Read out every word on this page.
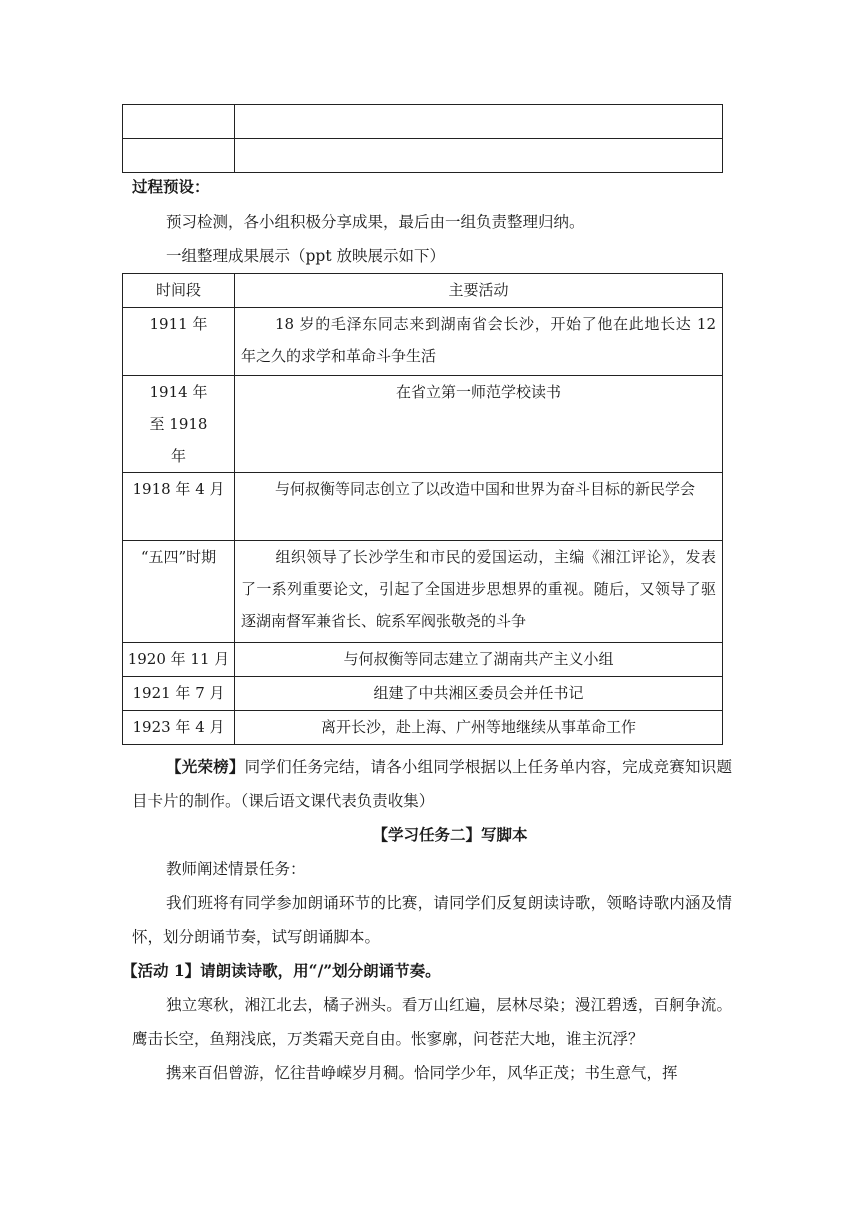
过程预设：
预习检测，各小组积极分享成果，最后由一组负责整理归纳。
一组整理成果展示（ppt 放映展示如下）
时间段	主要活动
1911 年	18 岁的毛泽东同志来到湖南省会长沙，开始了他在此地长达 12 年之久的求学和革命斗争生活

1914 年至 1918 年	在省立第一师范学校读书
1918 年 4 月	与何叔衡等同志创立了以改造中国和世界为奋斗目标的新民学会
“五四”时期	组织领导了长沙学生和市民的爱国运动，主编《湘江评论》，发表了一系列重要论文，引起了全国进步思想界的重视。随后，又领导了驱逐湖南督军兼省长、皖系军阀张敬尧的斗争
1920 年 11 月	与何叔衡等同志建立了湖南共产主义小组
1921 年 7 月	组建了中共湘区委员会并任书记
1923 年 4 月	离开长沙，赴上海、广州等地继续从事革命工作
【光荣榜】同学们任务完结，请各小组同学根据以上任务单内容，完成竞赛知识题目卡片的制作。（课后语文课代表负责收集）
【学习任务二】写脚本
教师阐述情景任务：
我们班将有同学参加朗诵环节的比赛，请同学们反复朗读诗歌，领略诗歌内涵及情怀，划分朗诵节奏，试写朗诵脚本。
【活动 1】请朗读诗歌，用“/”划分朗诵节奏。
独立寒秋，湘江北去，橘子洲头。看万山红遍，层林尽染；漫江碧透，百舸争流。鹰击长空，鱼翔浅底，万类霜天竞自由。怅寥廓，问苍茫大地，谁主沉浮？
携来百侣曾游，忆往昔峥嵘岁月稠。恰同学少年，风华正茂；书生意气，挥
